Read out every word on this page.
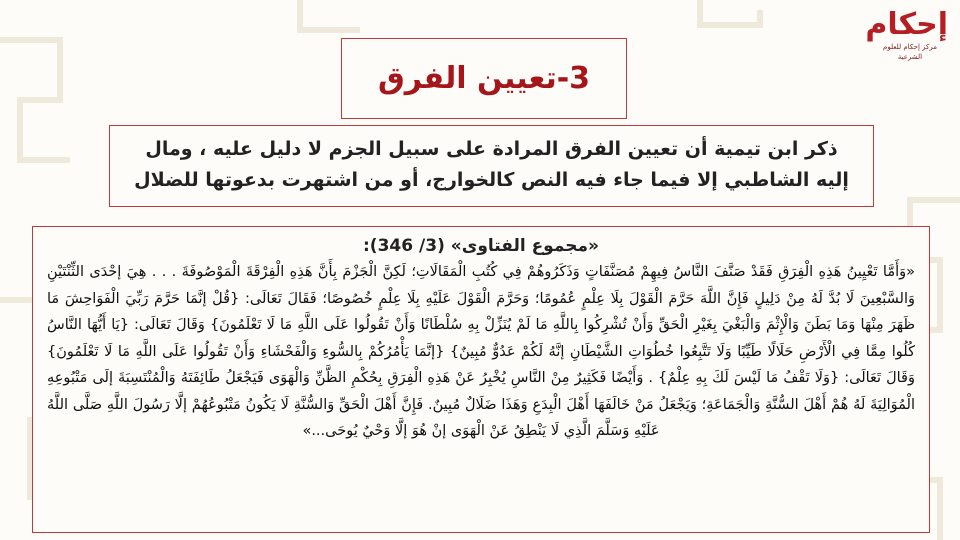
إحكام
مركز إحكام للعلوم الشرعية
3-تعيين الفرق

ذكر ابن تيمية أن تعيين الفرق المرادة على سبيل الجزم لا دليل عليه ، ومال إليه الشاطبي إلا فيما جاء فيه النص كالخوارج، أو من اشتهرت بدعوتها للضلال

«مجموع الفتاوى» (3/ 346):

«وَأَمَّا تَعْيِينُ هَذِهِ الْفِرَقِ فَقَدْ صَنَّفَ النَّاسُ فِيهِمْ مُصَنَّفَاتٍ وَذَكَرُوهُمْ فِي كُتُبِ الْمَقَالَاتِ؛ لَكِنَّ الْجَزْمَ بِأَنَّ هَذِهِ الْفِرْقَةَ الْمَوْصُوفَةَ . . . هِيَ إحْدَى الثِّنْتَيْنِ وَالسَّبْعِينَ لَا بُدَّ لَهُ مِنْ دَلِيلٍ فَإِنَّ اللَّهَ حَرَّمَ الْقَوْلَ بِلَا عِلْمٍ عُمُومًا؛ وَحَرَّمَ الْقَوْلَ عَلَيْهِ بِلَا عِلْمٍ خُصُوصًا؛ فَقَالَ تَعَالَى: {قُلْ إنَّمَا حَرَّمَ رَبِّيَ الْفَوَاحِشَ مَا ظَهَرَ مِنْهَا وَمَا بَطَنَ وَالْإِثْمَ وَالْبَغْيَ بِغَيْرِ الْحَقِّ وَأَنْ تُشْرِكُوا بِاللَّهِ مَا لَمْ يُنَزِّلْ بِهِ سُلْطَانًا وَأَنْ تَقُولُوا عَلَى اللَّهِ مَا لَا تَعْلَمُونَ} وَقَالَ تَعَالَى: {يَا أَيُّهَا النَّاسُ كُلُوا مِمَّا فِي الْأَرْضِ حَلَالًا طَيِّبًا وَلَا تَتَّبِعُوا خُطُوَاتِ الشَّيْطَانِ إنَّهُ لَكُمْ عَدُوٌّ مُبِينٌ} {إنَّمَا يَأْمُرُكُمْ بِالسُّوءِ وَالْفَحْشَاءِ وَأَنْ تَقُولُوا عَلَى اللَّهِ مَا لَا تَعْلَمُونَ} وَقَالَ تَعَالَى: {وَلَا تَقْفُ مَا لَيْسَ لَكَ بِهِ عِلْمٌ} . وَأَيْضًا فَكَثِيرٌ مِنْ النَّاسِ يُخْبِرُ عَنْ هَذِهِ الْفِرَقِ بِحُكْمِ الظَّنِّ وَالْهَوَى فَيَجْعَلُ طَائِفَتَهُ وَالْمُنْتَسِبَةَ إلَى مَتْبُوعِهِ الْمُوَالِيَةَ لَهُ هُمْ أَهْلَ السُّنَّةِ وَالْجَمَاعَةِ؛ وَيَجْعَلُ مَنْ خَالَفَهَا أَهْلَ الْبِدَعِ وَهَذَا ضَلَالٌ مُبِينٌ. فَإِنَّ أَهْلَ الْحَقِّ وَالسُّنَّةِ لَا يَكُونُ مَتْبُوعُهُمْ إلَّا رَسُولَ اللَّهِ صَلَّى اللَّهُ عَلَيْهِ وَسَلَّمَ الَّذِي لَا يَنْطِقُ عَنْ الْهَوَى إنْ هُوَ إلَّا وَحْيٌ يُوحَى...»
